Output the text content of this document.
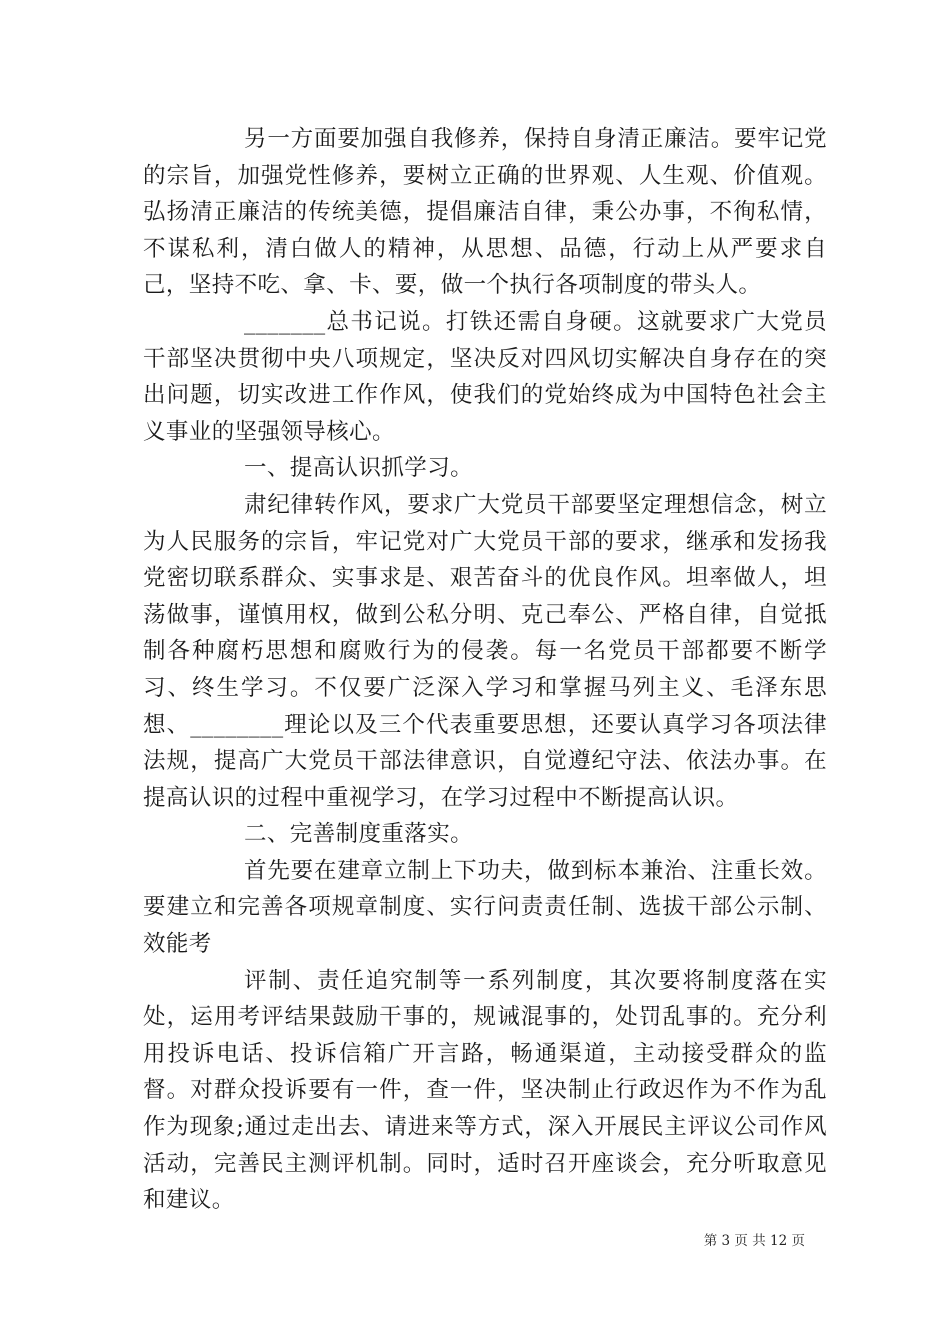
另一方面要加强自我修养，保持自身清正廉洁。要牢记党的宗旨，加强党性修养，要树立正确的世界观、人生观、价值观。弘扬清正廉洁的传统美德，提倡廉洁自律，秉公办事，不徇私情，不谋私利，清白做人的精神，从思想、品德，行动上从严要求自己，坚持不吃、拿、卡、要，做一个执行各项制度的带头人。

_______总书记说。打铁还需自身硬。这就要求广大党员干部坚决贯彻中央八项规定，坚决反对四风切实解决自身存在的突出问题，切实改进工作作风，使我们的党始终成为中国特色社会主义事业的坚强领导核心。

一、提高认识抓学习。

肃纪律转作风，要求广大党员干部要坚定理想信念，树立为人民服务的宗旨，牢记党对广大党员干部的要求，继承和发扬我党密切联系群众、实事求是、艰苦奋斗的优良作风。坦率做人，坦荡做事，谨慎用权，做到公私分明、克己奉公、严格自律，自觉抵制各种腐朽思想和腐败行为的侵袭。每一名党员干部都要不断学习、终生学习。不仅要广泛深入学习和掌握马列主义、毛泽东思想、________理论以及三个代表重要思想，还要认真学习各项法律法规，提高广大党员干部法律意识，自觉遵纪守法、依法办事。在提高认识的过程中重视学习，在学习过程中不断提高认识。

二、完善制度重落实。

首先要在建章立制上下功夫，做到标本兼治、注重长效。要建立和完善各项规章制度、实行问责责任制、选拔干部公示制、效能考

评制、责任追究制等一系列制度，其次要将制度落在实处，运用考评结果鼓励干事的，规诫混事的，处罚乱事的。充分利用投诉电话、投诉信箱广开言路，畅通渠道，主动接受群众的监督。对群众投诉要有一件，查一件，坚决制止行政迟作为不作为乱作为现象;通过走出去、请进来等方式，深入开展民主评议公司作风活动，完善民主测评机制。同时，适时召开座谈会，充分听取意见和建议。

第 3 页 共 12 页
